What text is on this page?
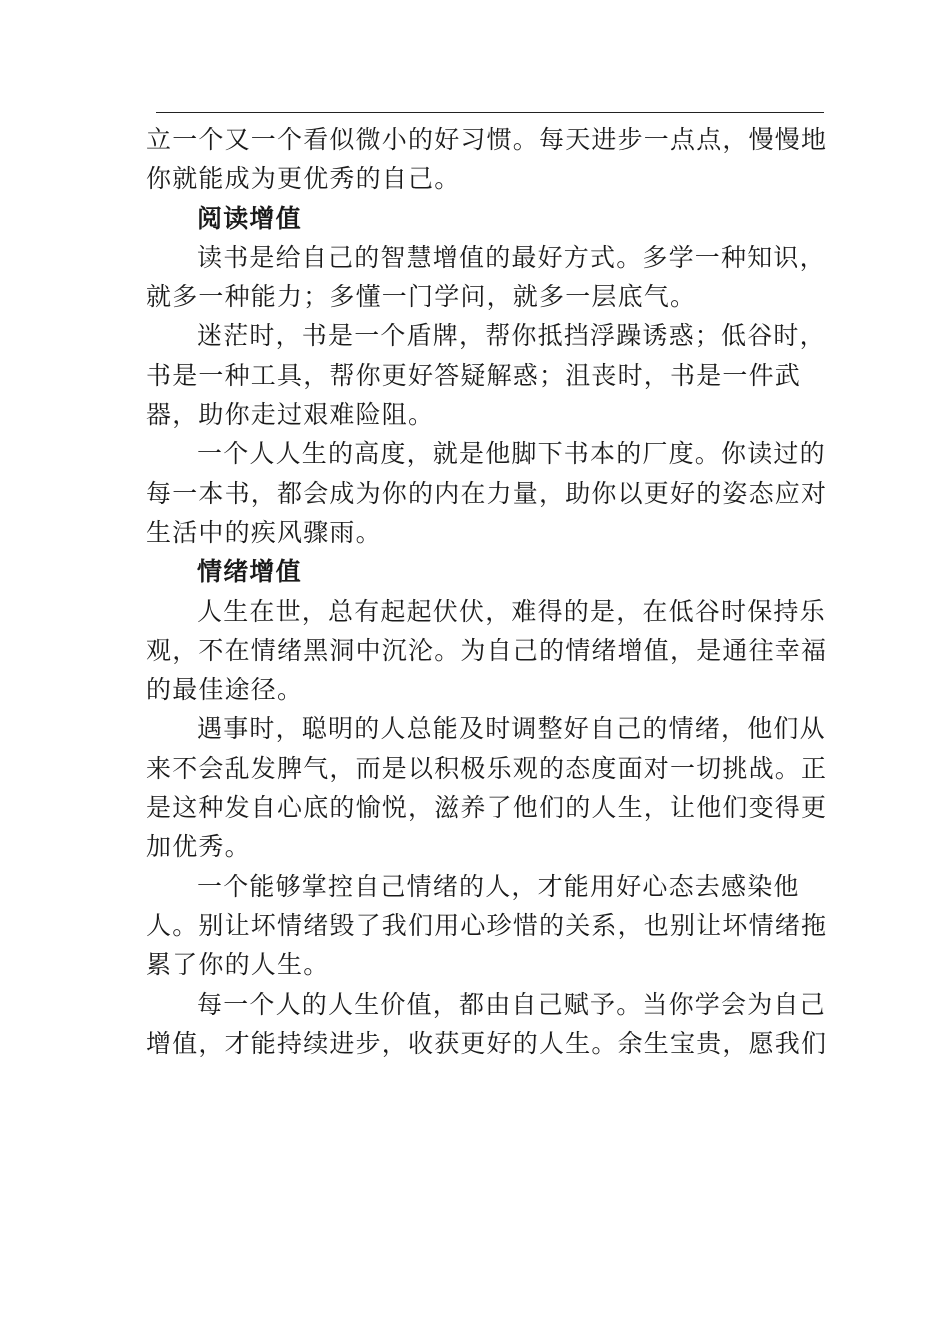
立一个又一个看似微小的好习惯。每天进步一点点，慢慢地你就能成为更优秀的自己。

阅读增值

读书是给自己的智慧增值的最好方式。多学一种知识，就多一种能力；多懂一门学问，就多一层底气。

迷茫时，书是一个盾牌，帮你抵挡浮躁诱惑；低谷时，书是一种工具，帮你更好答疑解惑；沮丧时，书是一件武器，助你走过艰难险阻。

一个人人生的高度，就是他脚下书本的⼚度。你读过的每一本书，都会成为你的内在力量，助你以更好的姿态应对生活中的疾风骤雨。

情绪增值

人生在世，总有起起伏伏，难得的是，在低谷时保持乐观，不在情绪黑洞中沉沦。为自己的情绪增值，是通往幸福的最佳途径。

遇事时，聪明的人总能及时调整好自己的情绪，他们从来不会乱发脾气，而是以积极乐观的态度面对一切挑战。正是这种发自心底的愉悦，滋养了他们的人生，让他们变得更加优秀。

一个能够掌控自己情绪的人，才能用好心态去感染他人。别让坏情绪毁了我们用心珍惜的关系，也别让坏情绪拖累了你的人生。

每一个人的人生价值，都由自己赋予。当你学会为自己增值，才能持续进步，收获更好的人生。余生宝贵，愿我们
